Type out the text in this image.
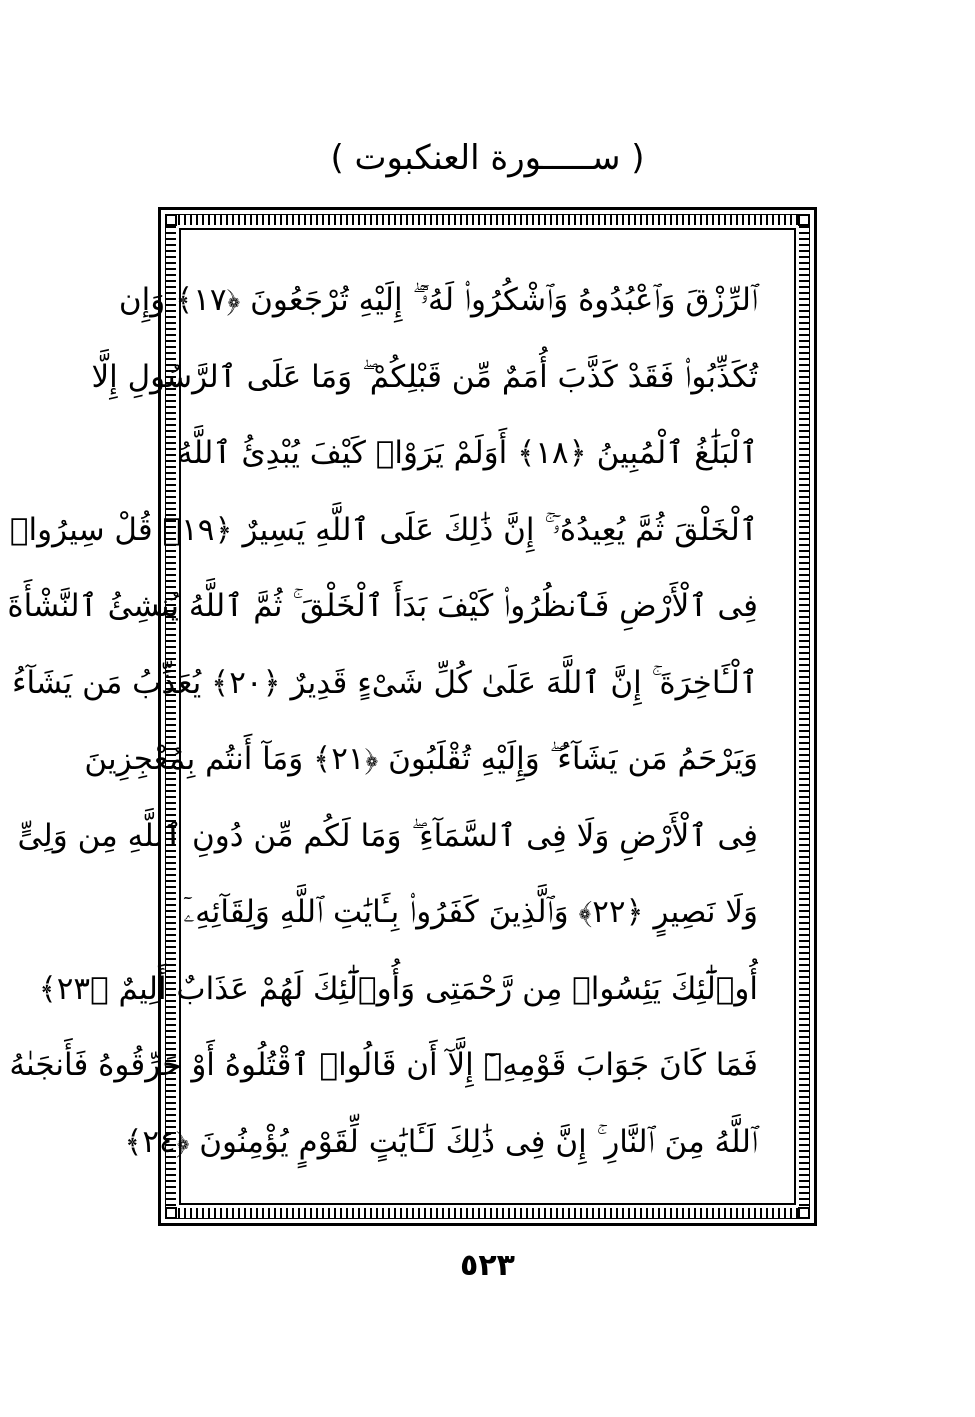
( ســـــورة العنكبوت )
ٱلرِّزْقَ وَٱعْبُدُوهُ وَٱشْكُرُوا۟ لَهُۥٓ ۖ إِلَيْهِ تُرْجَعُونَ ﴿١٧﴾ وَإِن
تُكَذِّبُوا۟ فَقَدْ كَذَّبَ أُمَمٌ مِّن قَبْلِكُمْ ۖ وَمَا عَلَى ٱلرَّسُولِ إِلَّا
ٱلْبَلَٰغُ ٱلْمُبِينُ ﴿١٨﴾ أَوَلَمْ يَرَوْا۟ كَيْفَ يُبْدِئُ ٱللَّهُ
ٱلْخَلْقَ ثُمَّ يُعِيدُهُۥٓ ۚ إِنَّ ذَٰلِكَ عَلَى ٱللَّهِ يَسِيرٌ ﴿١٩﴾ قُلْ سِيرُوا۟
فِى ٱلْأَرْضِ فَٱنظُرُوا۟ كَيْفَ بَدَأَ ٱلْخَلْقَ ۚ ثُمَّ ٱللَّهُ يُنشِئُ ٱلنَّشْأَةَ
ٱلْـَٔاخِرَةَ ۚ إِنَّ ٱللَّهَ عَلَىٰ كُلِّ شَىْءٍ قَدِيرٌ ﴿٢٠﴾ يُعَذِّبُ مَن يَشَآءُ
وَيَرْحَمُ مَن يَشَآءُ ۖ وَإِلَيْهِ تُقْلَبُونَ ﴿٢١﴾ وَمَآ أَنتُم بِمُعْجِزِينَ
فِى ٱلْأَرْضِ وَلَا فِى ٱلسَّمَآءِ ۖ وَمَا لَكُم مِّن دُونِ ٱللَّهِ مِن وَلِىٍّ
وَلَا نَصِيرٍ ﴿٢٢﴾ وَٱلَّذِينَ كَفَرُوا۟ بِـَٔايَٰتِ ٱللَّهِ وَلِقَآئِهِۦٓ
أُو۟لَٰٓئِكَ يَئِسُوا۟ مِن رَّحْمَتِى وَأُو۟لَٰٓئِكَ لَهُمْ عَذَابٌ أَلِيمٌ ﴿٢٣﴾
فَمَا كَانَ جَوَابَ قَوْمِهِۦٓ إِلَّآ أَن قَالُوا۟ ٱقْتُلُوهُ أَوْ حَرِّقُوهُ فَأَنجَىٰهُ
ٱللَّهُ مِنَ ٱلنَّارِ ۚ إِنَّ فِى ذَٰلِكَ لَـَٔايَٰتٍ لِّقَوْمٍ يُؤْمِنُونَ ﴿٢٤﴾
٥٢٣
